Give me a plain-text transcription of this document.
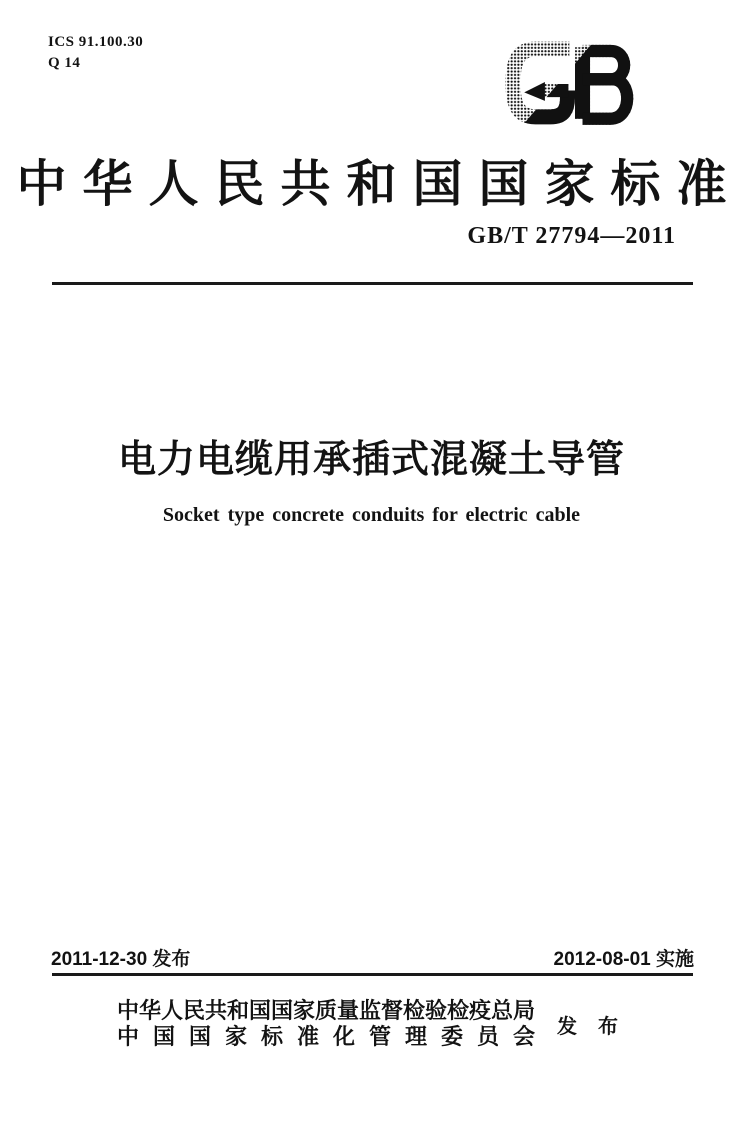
ICS 91.100.30
Q 14
中华人民共和国国家标准
GB/T 27794—2011
电力电缆用承插式混凝土导管
Socket type concrete conduits for electric cable
2011-12-30 发布	2012-08-01 实施
中华人民共和国国家质量监督检验检疫总局
中国国家标准化管理委员会 发 布
